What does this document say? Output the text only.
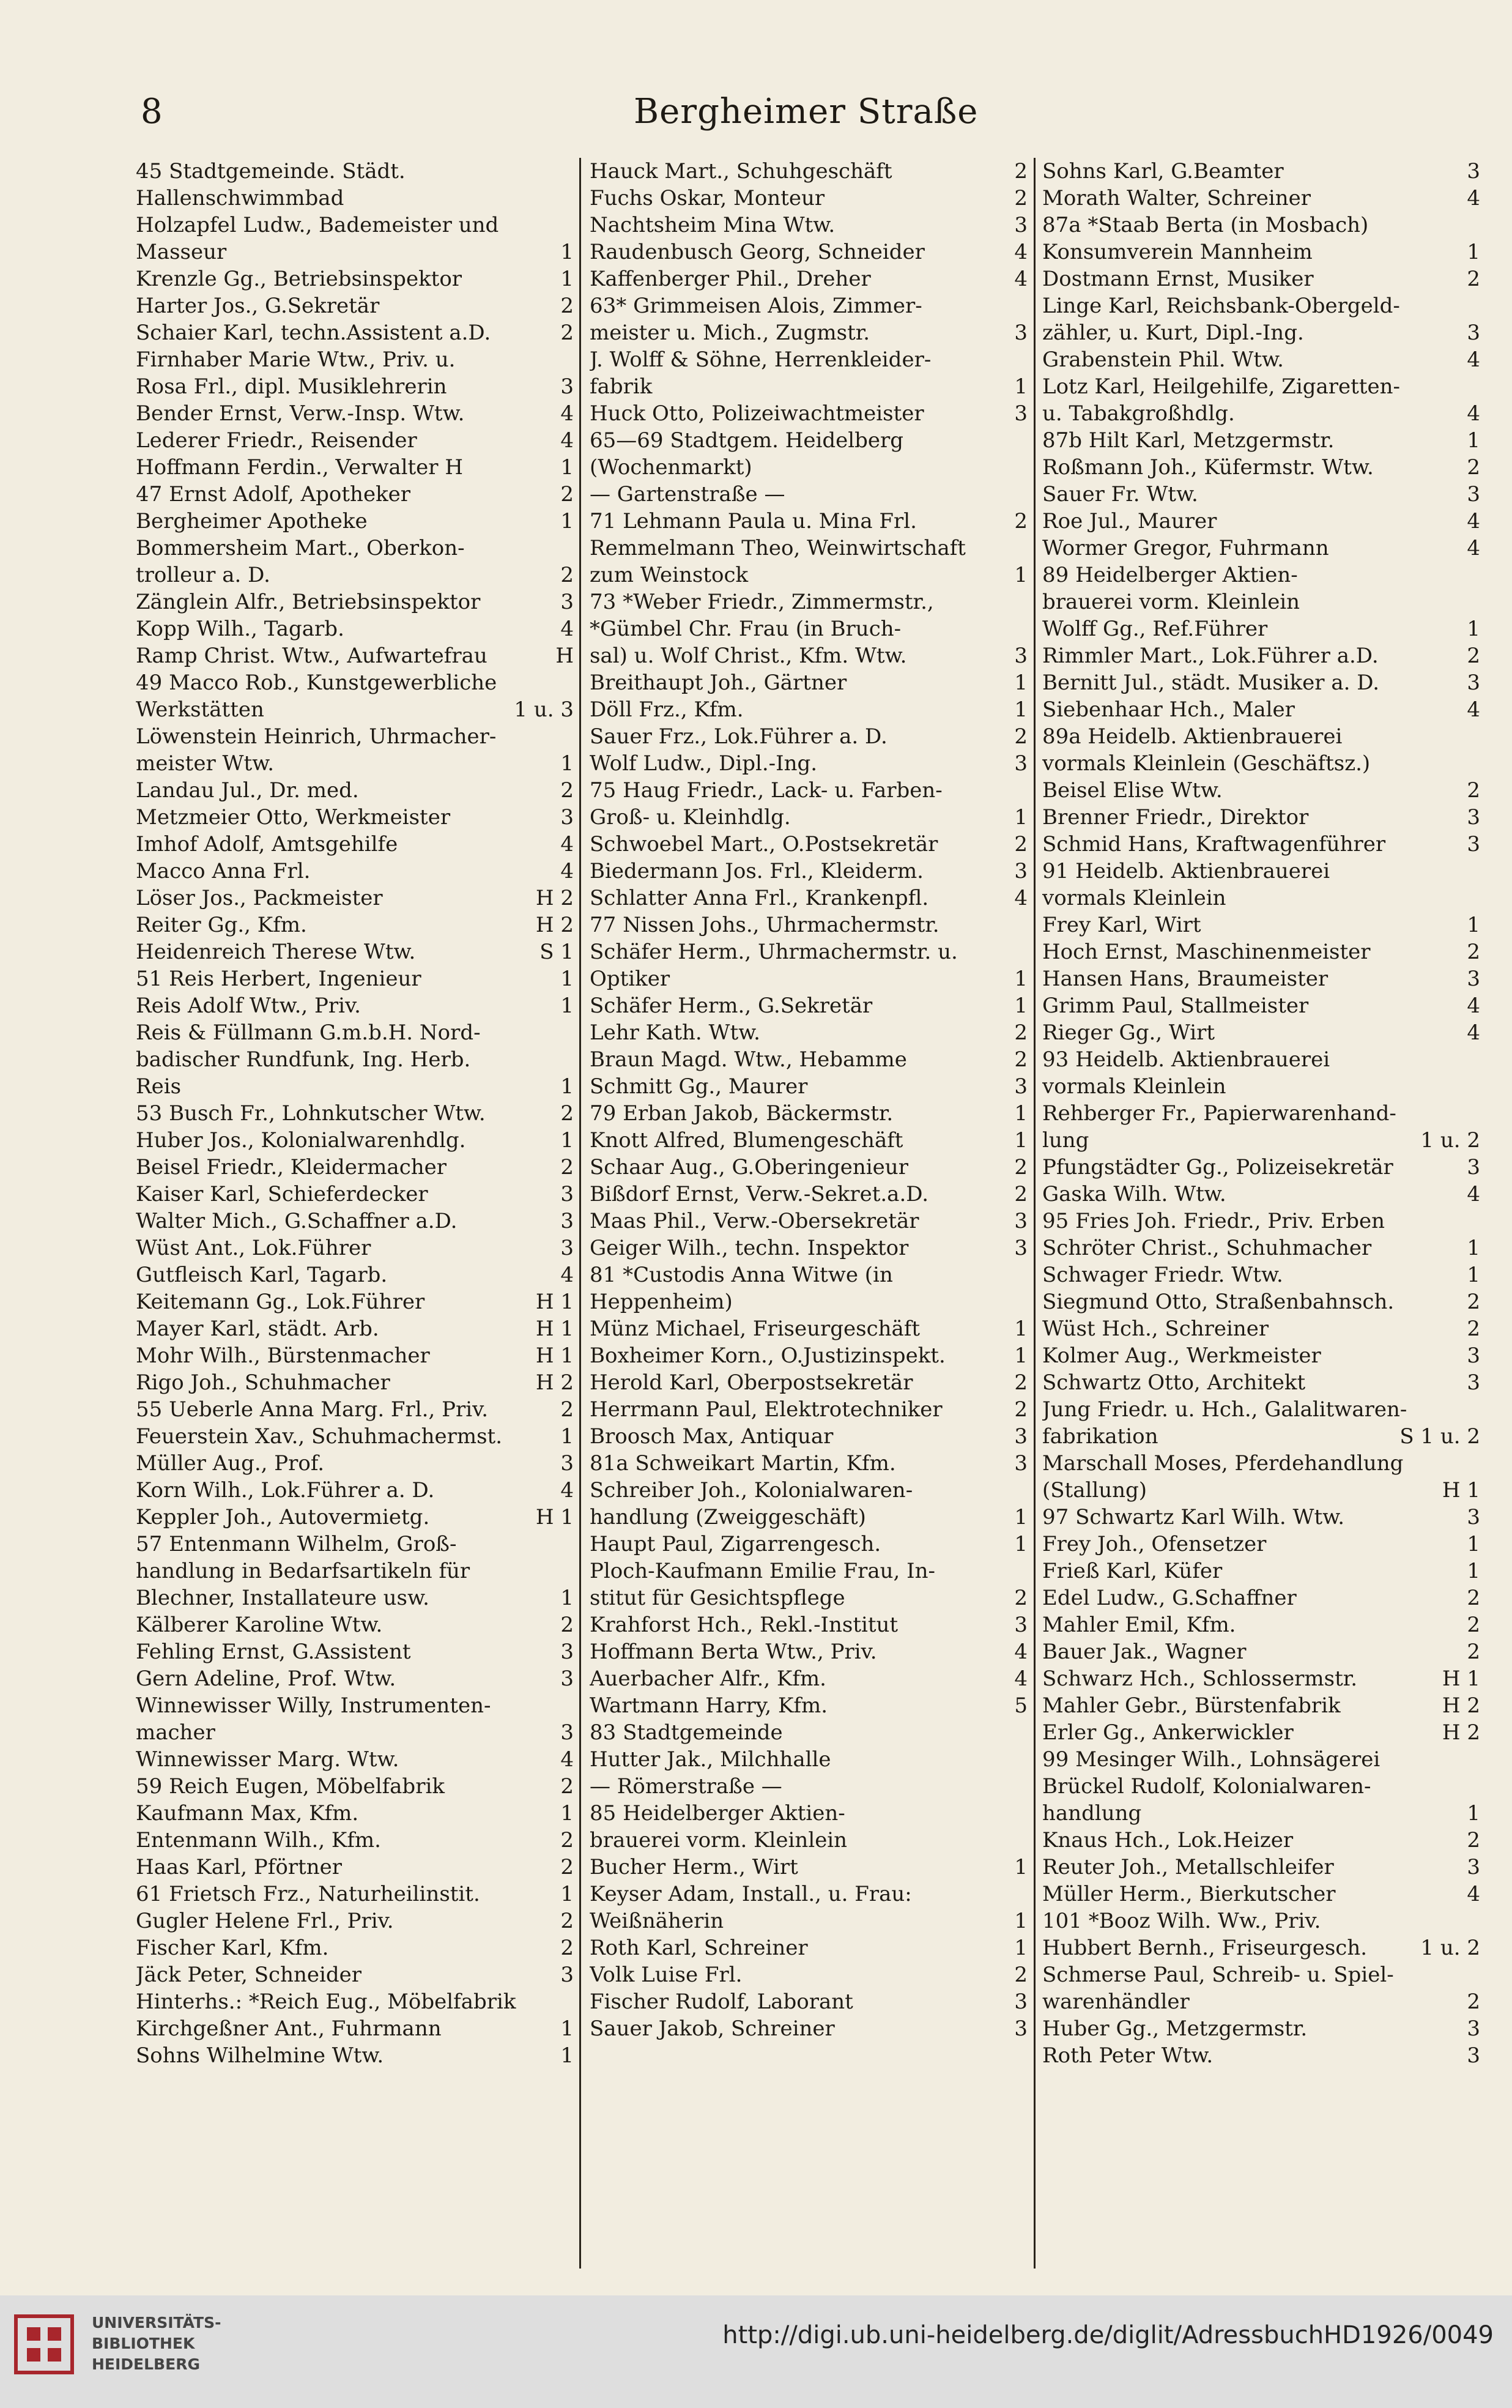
8	Bergheimer Straße
45 Stadtgemeinde. Städt.
Hallenschwimmbad
Holzapfel Ludw., Bademeister und
Masseur	1
Krenzle Gg., Betriebsinspektor	1
Harter Jos., G.Sekretär	2
Schaier Karl, techn.Assistent a.D.	2
Firnhaber Marie Wtw., Priv. u.
Rosa Frl., dipl. Musiklehrerin	3
Bender Ernst, Verw.-Insp. Wtw.	4
Lederer Friedr., Reisender	4
Hoffmann Ferdin., Verwalter H	1
47 Ernst Adolf, Apotheker	2
Bergheimer Apotheke	1
Bommersheim Mart., Oberkon-
trolleur a. D.	2
Zänglein Alfr., Betriebsinspektor	3
Kopp Wilh., Tagarb.	4
Ramp Christ. Wtw., Aufwartefrau	H
49 Macco Rob., Kunstgewerbliche
Werkstätten	1 u. 3
Löwenstein Heinrich, Uhrmacher-
meister Wtw.	1
Landau Jul., Dr. med.	2
Metzmeier Otto, Werkmeister	3
Imhof Adolf, Amtsgehilfe	4
Macco Anna Frl.	4
Löser Jos., Packmeister	H 2
Reiter Gg., Kfm.	H 2
Heidenreich Therese Wtw.	S 1
51 Reis Herbert, Ingenieur	1
Reis Adolf Wtw., Priv.	1
Reis & Füllmann G.m.b.H. Nord-
badischer Rundfunk, Ing. Herb.
Reis	1
53 Busch Fr., Lohnkutscher Wtw.	2
Huber Jos., Kolonialwarenhdlg.	1
Beisel Friedr., Kleidermacher	2
Kaiser Karl, Schieferdecker	3
Walter Mich., G.Schaffner a.D.	3
Wüst Ant., Lok.Führer	3
Gutfleisch Karl, Tagarb.	4
Keitemann Gg., Lok.Führer	H 1
Mayer Karl, städt. Arb.	H 1
Mohr Wilh., Bürstenmacher	H 1
Rigo Joh., Schuhmacher	H 2
55 Ueberle Anna Marg. Frl., Priv.	2
Feuerstein Xav., Schuhmachermst.	1
Müller Aug., Prof.	3
Korn Wilh., Lok.Führer a. D.	4
Keppler Joh., Autovermietg.	H 1
57 Entenmann Wilhelm, Groß-
handlung in Bedarfsartikeln für
Blechner, Installateure usw.	1
Kälberer Karoline Wtw.	2
Fehling Ernst, G.Assistent	3
Gern Adeline, Prof. Wtw.	3
Winnewisser Willy, Instrumenten-
macher	3
Winnewisser Marg. Wtw.	4
59 Reich Eugen, Möbelfabrik	2
Kaufmann Max, Kfm.	1
Entenmann Wilh., Kfm.	2
Haas Karl, Pförtner	2
61 Frietsch Frz., Naturheilinstit.	1
Gugler Helene Frl., Priv.	2
Fischer Karl, Kfm.	2
Jäck Peter, Schneider	3
Hinterhs.: *Reich Eug., Möbelfabrik
Kirchgeßner Ant., Fuhrmann	1
Sohns Wilhelmine Wtw.	1
Hauck Mart., Schuhgeschäft	2
Fuchs Oskar, Monteur	2
Nachtsheim Mina Wtw.	3
Raudenbusch Georg, Schneider	4
Kaffenberger Phil., Dreher	4
63* Grimmeisen Alois, Zimmer-
meister u. Mich., Zugmstr.	3
J. Wolff & Söhne, Herrenkleider-
fabrik	1
Huck Otto, Polizeiwachtmeister	3
65—69 Stadtgem. Heidelberg
(Wochenmarkt)
— Gartenstraße —
71 Lehmann Paula u. Mina Frl.	2
Remmelmann Theo, Weinwirtschaft
zum Weinstock	1
73 *Weber Friedr., Zimmermstr.,
*Gümbel Chr. Frau (in Bruch-
sal) u. Wolf Christ., Kfm. Wtw.	3
Breithaupt Joh., Gärtner	1
Döll Frz., Kfm.	1
Sauer Frz., Lok.Führer a. D.	2
Wolf Ludw., Dipl.-Ing.	3
75 Haug Friedr., Lack- u. Farben-
Groß- u. Kleinhdlg.	1
Schwoebel Mart., O.Postsekretär	2
Biedermann Jos. Frl., Kleiderm.	3
Schlatter Anna Frl., Krankenpfl.	4
77 Nissen Johs., Uhrmachermstr.
Schäfer Herm., Uhrmachermstr. u.
Optiker	1
Schäfer Herm., G.Sekretär	1
Lehr Kath. Wtw.	2
Braun Magd. Wtw., Hebamme	2
Schmitt Gg., Maurer	3
79 Erban Jakob, Bäckermstr.	1
Knott Alfred, Blumengeschäft	1
Schaar Aug., G.Oberingenieur	2
Bißdorf Ernst, Verw.-Sekret.a.D.	2
Maas Phil., Verw.-Obersekretär	3
Geiger Wilh., techn. Inspektor	3
81 *Custodis Anna Witwe (in
Heppenheim)
Münz Michael, Friseurgeschäft	1
Boxheimer Korn., O.Justizinspekt.	1
Herold Karl, Oberpostsekretär	2
Herrmann Paul, Elektrotechniker	2
Broosch Max, Antiquar	3
81a Schweikart Martin, Kfm.	3
Schreiber Joh., Kolonialwaren-
handlung (Zweiggeschäft)	1
Haupt Paul, Zigarrengesch.	1
Ploch-Kaufmann Emilie Frau, In-
stitut für Gesichtspflege	2
Krahforst Hch., Rekl.-Institut	3
Hoffmann Berta Wtw., Priv.	4
Auerbacher Alfr., Kfm.	4
Wartmann Harry, Kfm.	5
83 Stadtgemeinde
Hutter Jak., Milchhalle
— Römerstraße —
85 Heidelberger Aktien-
brauerei vorm. Kleinlein
Bucher Herm., Wirt	1
Keyser Adam, Install., u. Frau:
Weißnäherin	1
Roth Karl, Schreiner	1
Volk Luise Frl.	2
Fischer Rudolf, Laborant	3
Sauer Jakob, Schreiner	3
Sohns Karl, G.Beamter	3
Morath Walter, Schreiner	4
87a *Staab Berta (in Mosbach)
Konsumverein Mannheim	1
Dostmann Ernst, Musiker	2
Linge Karl, Reichsbank-Obergeld-
zähler, u. Kurt, Dipl.-Ing.	3
Grabenstein Phil. Wtw.	4
Lotz Karl, Heilgehilfe, Zigaretten-
u. Tabakgroßhdlg.	4
87b Hilt Karl, Metzgermstr.	1
Roßmann Joh., Küfermstr. Wtw.	2
Sauer Fr. Wtw.	3
Roe Jul., Maurer	4
Wormer Gregor, Fuhrmann	4
89 Heidelberger Aktien-
brauerei vorm. Kleinlein
Wolff Gg., Ref.Führer	1
Rimmler Mart., Lok.Führer a.D.	2
Bernitt Jul., städt. Musiker a. D.	3
Siebenhaar Hch., Maler	4
89a Heidelb. Aktienbrauerei
vormals Kleinlein (Geschäftsz.)
Beisel Elise Wtw.	2
Brenner Friedr., Direktor	3
Schmid Hans, Kraftwagenführer	3
91 Heidelb. Aktienbrauerei
vormals Kleinlein
Frey Karl, Wirt	1
Hoch Ernst, Maschinenmeister	2
Hansen Hans, Braumeister	3
Grimm Paul, Stallmeister	4
Rieger Gg., Wirt	4
93 Heidelb. Aktienbrauerei
vormals Kleinlein
Rehberger Fr., Papierwarenhand-
lung	1 u. 2
Pfungstädter Gg., Polizeisekretär	3
Gaska Wilh. Wtw.	4
95 Fries Joh. Friedr., Priv. Erben
Schröter Christ., Schuhmacher	1
Schwager Friedr. Wtw.	1
Siegmund Otto, Straßenbahnsch.	2
Wüst Hch., Schreiner	2
Kolmer Aug., Werkmeister	3
Schwartz Otto, Architekt	3
Jung Friedr. u. Hch., Galalitwaren-
fabrikation	S 1 u. 2
Marschall Moses, Pferdehandlung
(Stallung)	H 1
97 Schwartz Karl Wilh. Wtw.	3
Frey Joh., Ofensetzer	1
Frieß Karl, Küfer	1
Edel Ludw., G.Schaffner	2
Mahler Emil, Kfm.	2
Bauer Jak., Wagner	2
Schwarz Hch., Schlossermstr.	H 1
Mahler Gebr., Bürstenfabrik	H 2
Erler Gg., Ankerwickler	H 2
99 Mesinger Wilh., Lohnsägerei
Brückel Rudolf, Kolonialwaren-
handlung	1
Knaus Hch., Lok.Heizer	2
Reuter Joh., Metallschleifer	3
Müller Herm., Bierkutscher	4
101 *Booz Wilh. Ww., Priv.
Hubbert Bernh., Friseurgesch.	1 u. 2
Schmerse Paul, Schreib- u. Spiel-
warenhändler	2
Huber Gg., Metzgermstr.	3
Roth Peter Wtw.	3
UNIVERSITÄTS-
BIBLIOTHEK
HEIDELBERG
http://digi.ub.uni-heidelberg.de/diglit/AdressbuchHD1926/0049
